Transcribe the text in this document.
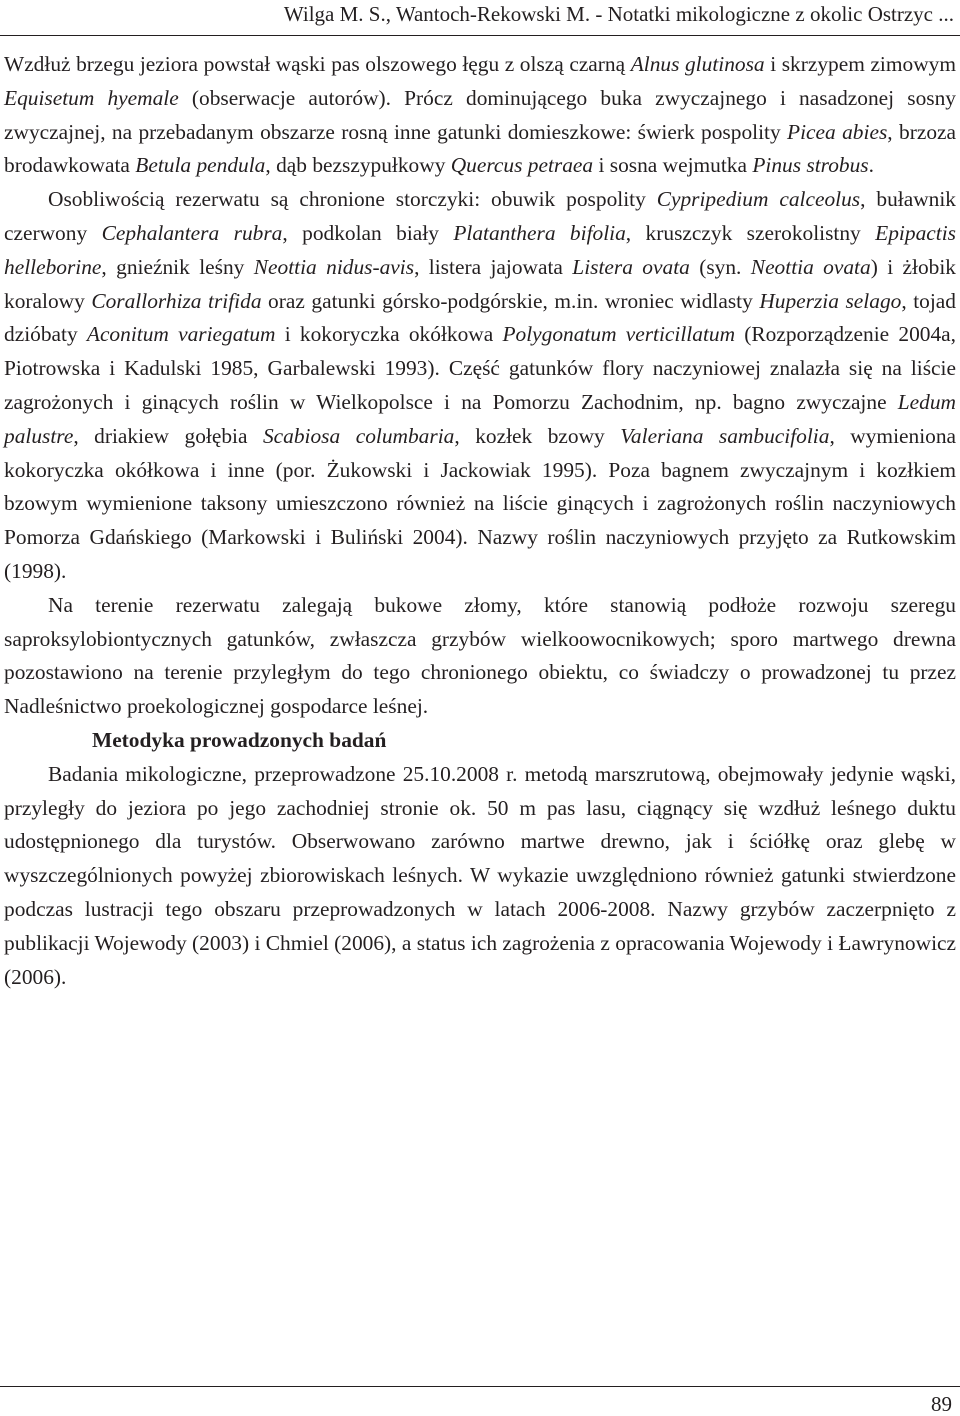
Wilga M. S., Wantoch-Rekowski M. - Notatki mikologiczne z okolic Ostrzyc ...

Wzdłuż brzegu jeziora powstał wąski pas olszowego łęgu z olszą czarną Alnus glutinosa i skrzypem zimowym Equisetum hyemale (obserwacje autorów). Prócz dominującego buka zwyczajnego i nasadzonej sosny zwyczajnej, na przebadanym obszarze rosną inne gatunki domieszkowe: świerk pospolity Picea abies, brzoza brodawkowata Betula pendula, dąb bezszypułkowy Quercus petraea i sosna wejmutka Pinus strobus.

Osobliwością rezerwatu są chronione storczyki: obuwik pospolity Cypripedium calceolus, buławnik czerwony Cephalantera rubra, podkolan biały Platanthera bifolia, kruszczyk szerokolistny Epipactis helleborine, gnieźnik leśny Neottia nidus-avis, listera jajowata Listera ovata (syn. Neottia ovata) i żłobik koralowy Corallorhiza trifida oraz gatunki górsko-podgórskie, m.in. wroniec widlasty Huperzia selago, tojad dzióbaty Aconitum variegatum i kokoryczka okółkowa Polygonatum verticillatum (Rozporządzenie 2004a, Piotrowska i Kadulski 1985, Garbalewski 1993). Część gatunków flory naczyniowej znalazła się na liście zagrożonych i ginących roślin w Wielkopolsce i na Pomorzu Zachodnim, np. bagno zwyczajne Ledum palustre, driakiew gołębia Scabiosa columbaria, kozłek bzowy Valeriana sambucifolia, wymieniona kokoryczka okółkowa i inne (por. Żukowski i Jackowiak 1995). Poza bagnem zwyczajnym i kozłkiem bzowym wymienione taksony umieszczono również na liście ginących i zagrożonych roślin naczyniowych Pomorza Gdańskiego (Markowski i Buliński 2004). Nazwy roślin naczyniowych przyjęto za Rutkowskim (1998).

Na terenie rezerwatu zalegają bukowe złomy, które stanowią podłoże rozwoju szeregu saproksylobiontycznych gatunków, zwłaszcza grzybów wielkoowocnikowych; sporo martwego drewna pozostawiono na terenie przyległym do tego chronionego obiektu, co świadczy o prowadzonej tu przez Nadleśnictwo proekologicznej gospodarce leśnej.

Metodyka prowadzonych badań

Badania mikologiczne, przeprowadzone 25.10.2008 r. metodą marszrutową, obejmowały jedynie wąski, przyległy do jeziora po jego zachodniej stronie ok. 50 m pas lasu, ciągnący się wzdłuż leśnego duktu udostępnionego dla turystów. Obserwowano zarówno martwe drewno, jak i ściółkę oraz glebę w wyszczególnionych powyżej zbiorowiskach leśnych. W wykazie uwzględniono również gatunki stwierdzone podczas lustracji tego obszaru przeprowadzonych w latach 2006-2008. Nazwy grzybów zaczerpnięto z publikacji Wojewody (2003) i Chmiel (2006), a status ich zagrożenia z opracowania Wojewody i Ławrynowicz (2006).

89
